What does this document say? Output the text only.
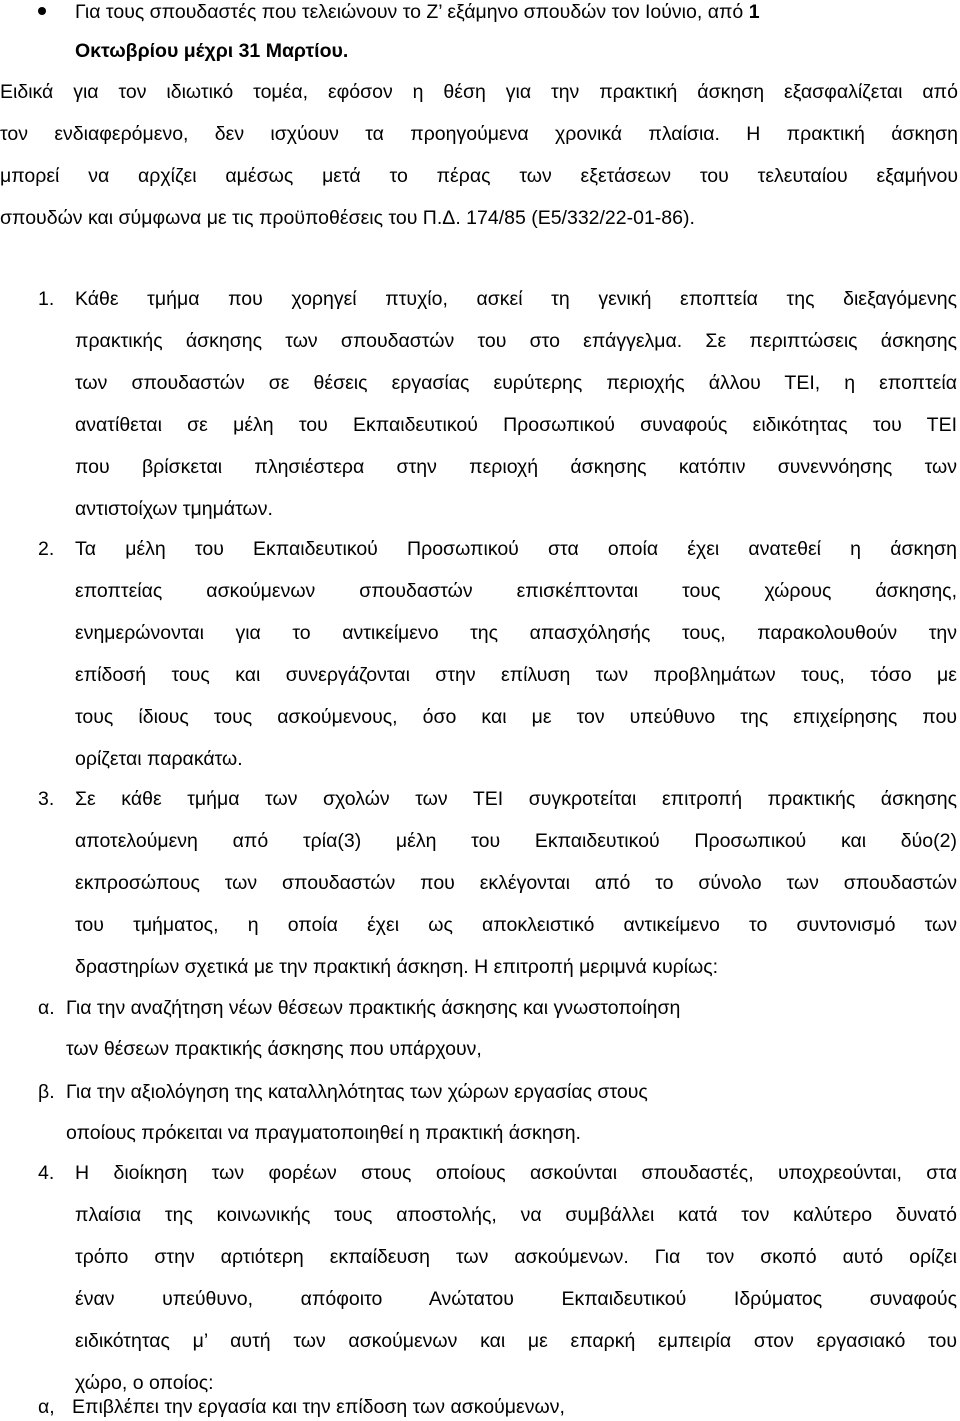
Για τους σπουδαστές που τελειώνουν το Ζ’ εξάμηνο σπουδών τον Ιούνιο, από 1
Οκτωβρίου μέχρι 31 Μαρτίου.
Ειδικά για τον ιδιωτικό τομέα, εφόσον η θέση για την πρακτική άσκηση εξασφαλίζεται από
τον ενδιαφερόμενο, δεν ισχύουν τα προηγούμενα χρονικά πλαίσια. Η πρακτική άσκηση
μπορεί να αρχίζει αμέσως μετά το πέρας των εξετάσεων του τελευταίου εξαμήνου
σπουδών και σύμφωνα με τις προϋποθέσεις του Π.Δ. 174/85 (Ε5/332/22-01-86).
1. Κάθε τμήμα που χορηγεί πτυχίο, ασκεί τη γενική εποπτεία της διεξαγόμενης
πρακτικής άσκησης των σπουδαστών του στο επάγγελμα. Σε περιπτώσεις άσκησης
των σπουδαστών σε θέσεις εργασίας ευρύτερης περιοχής άλλου ΤΕΙ, η εποπτεία
ανατίθεται σε μέλη του Εκπαιδευτικού Προσωπικού συναφούς ειδικότητας του ΤΕΙ
που βρίσκεται πλησιέστερα στην περιοχή άσκησης κατόπιν συνεννόησης των
αντιστοίχων τμημάτων.
2. Τα μέλη του Εκπαιδευτικού Προσωπικού στα οποία έχει ανατεθεί η άσκηση
εποπτείας ασκούμενων σπουδαστών επισκέπτονται τους χώρους άσκησης,
ενημερώνονται για το αντικείμενο της απασχόλησής τους, παρακολουθούν την
επίδοσή τους και συνεργάζονται στην επίλυση των προβλημάτων τους, τόσο με
τους ίδιους τους ασκούμενους, όσο και με τον υπεύθυνο της επιχείρησης που
ορίζεται παρακάτω.
3. Σε κάθε τμήμα των σχολών των ΤΕΙ συγκροτείται επιτροπή πρακτικής άσκησης
αποτελούμενη από τρία(3) μέλη του Εκπαιδευτικού Προσωπικού και δύο(2)
εκπροσώπους των σπουδαστών που εκλέγονται από το σύνολο των σπουδαστών
του τμήματος, η οποία έχει ως αποκλειστικό αντικείμενο το συντονισμό των
δραστηρίων σχετικά με την πρακτική άσκηση. Η επιτροπή μεριμνά κυρίως:
α. Για την αναζήτηση νέων θέσεων πρακτικής άσκησης και γνωστοποίηση
των θέσεων πρακτικής άσκησης που υπάρχουν,
β. Για την αξιολόγηση της καταλληλότητας των χώρων εργασίας στους
οποίους πρόκειται να πραγματοποιηθεί η πρακτική άσκηση.
4. Η διοίκηση των φορέων στους οποίους ασκούνται σπουδαστές, υποχρεούνται, στα
πλαίσια της κοινωνικής τους αποστολής, να συμβάλλει κατά τον καλύτερο δυνατό
τρόπο στην αρτιότερη εκπαίδευση των ασκούμενων. Για τον σκοπό αυτό ορίζει
έναν υπεύθυνο, απόφοιτο Ανώτατου Εκπαιδευτικού Ιδρύματος συναφούς
ειδικότητας μ’ αυτή των ασκούμενων και με επαρκή εμπειρία στον εργασιακό του
χώρο, ο οποίος:
α, Επιβλέπει την εργασία και την επίδοση των ασκούμενων,
